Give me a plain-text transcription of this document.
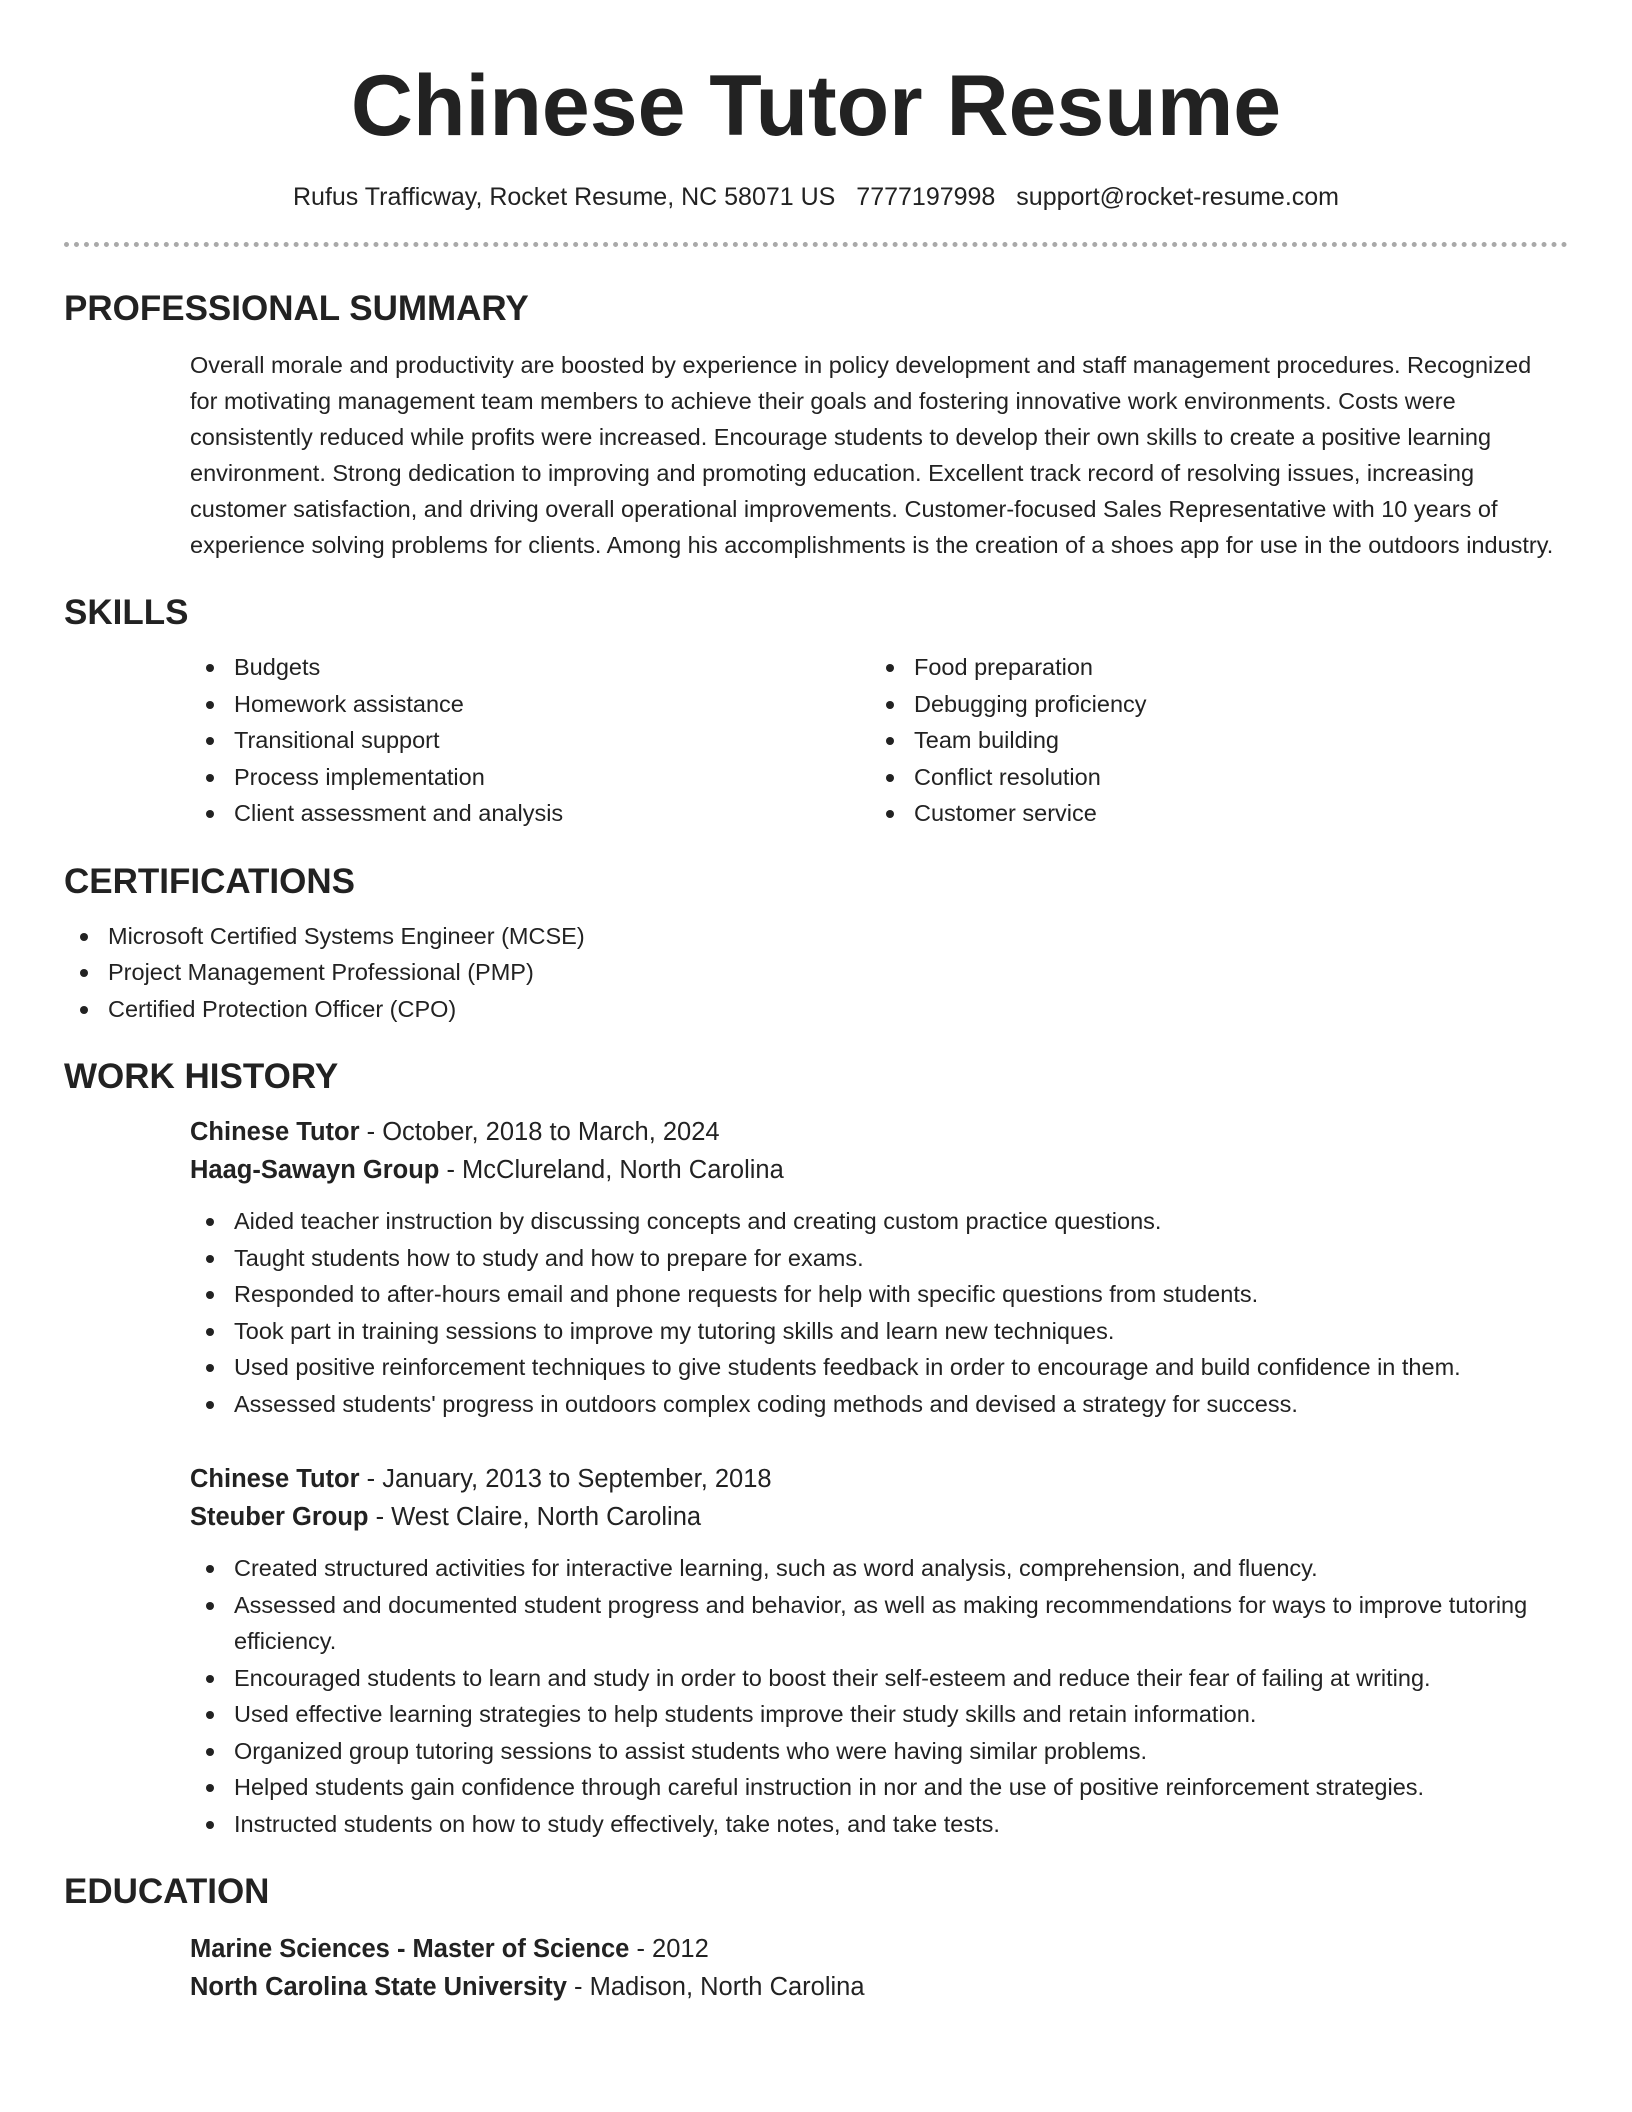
Chinese Tutor Resume
Rufus Trafficway, Rocket Resume, NC 58071 US 7777197998 support@rocket-resume.com
PROFESSIONAL SUMMARY
Overall morale and productivity are boosted by experience in policy development and staff management procedures. Recognized for motivating management team members to achieve their goals and fostering innovative work environments. Costs were consistently reduced while profits were increased. Encourage students to develop their own skills to create a positive learning environment. Strong dedication to improving and promoting education. Excellent track record of resolving issues, increasing customer satisfaction, and driving overall operational improvements. Customer-focused Sales Representative with 10 years of experience solving problems for clients. Among his accomplishments is the creation of a shoes app for use in the outdoors industry.
SKILLS
Budgets
Homework assistance
Transitional support
Process implementation
Client assessment and analysis
Food preparation
Debugging proficiency
Team building
Conflict resolution
Customer service
CERTIFICATIONS
Microsoft Certified Systems Engineer (MCSE)
Project Management Professional (PMP)
Certified Protection Officer (CPO)
WORK HISTORY
Chinese Tutor - October, 2018 to March, 2024
Haag-Sawayn Group - McClureland, North Carolina
Aided teacher instruction by discussing concepts and creating custom practice questions.
Taught students how to study and how to prepare for exams.
Responded to after-hours email and phone requests for help with specific questions from students.
Took part in training sessions to improve my tutoring skills and learn new techniques.
Used positive reinforcement techniques to give students feedback in order to encourage and build confidence in them.
Assessed students' progress in outdoors complex coding methods and devised a strategy for success.
Chinese Tutor - January, 2013 to September, 2018
Steuber Group - West Claire, North Carolina
Created structured activities for interactive learning, such as word analysis, comprehension, and fluency.
Assessed and documented student progress and behavior, as well as making recommendations for ways to improve tutoring efficiency.
Encouraged students to learn and study in order to boost their self-esteem and reduce their fear of failing at writing.
Used effective learning strategies to help students improve their study skills and retain information.
Organized group tutoring sessions to assist students who were having similar problems.
Helped students gain confidence through careful instruction in nor and the use of positive reinforcement strategies.
Instructed students on how to study effectively, take notes, and take tests.
EDUCATION
Marine Sciences - Master of Science - 2012
North Carolina State University - Madison, North Carolina
